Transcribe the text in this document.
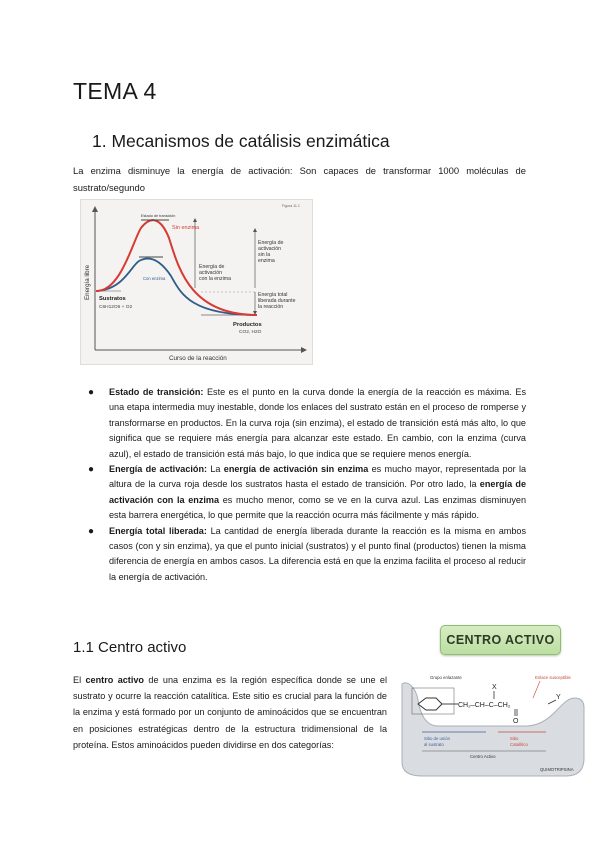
TEMA 4
1. Mecanismos de catálisis enzimática

La enzima disminuye la energía de activación: Son capaces de transformar 1000 moléculas de sustrato/segundo

Energía libre
Curso de la reacción
Figura 11.1
Estado de transición
Sin enzima
Con enzima
Energía de
activación
sin la
enzima
Energía de
activación
con la enzima
Energía total
liberada durante
la reacción
Sustratos
C6H12O6 + O2
Productos
CO2, H2O
● Estado de transición: Este es el punto en la curva donde la energía de la reacción es máxima. Es una etapa intermedia muy inestable, donde los enlaces del sustrato están en el proceso de romperse y transformarse en productos. En la curva roja (sin enzima), el estado de transición está más alto, lo que significa que se requiere más energía para alcanzar este estado. En cambio, con la enzima (curva azul), el estado de transición está más bajo, lo que indica que se requiere menos energía.
● Energía de activación: La energía de activación sin enzima es mucho mayor, representada por la altura de la curva roja desde los sustratos hasta el estado de transición. Por otro lado, la energía de activación con la enzima es mucho menor, como se ve en la curva azul. Las enzimas disminuyen esta barrera energética, lo que permite que la reacción ocurra más fácilmente y más rápido.
● Energía total liberada: La cantidad de energía liberada durante la reacción es la misma en ambos casos (con y sin enzima), ya que el punto inicial (sustratos) y el punto final (productos) tienen la misma diferencia de energía en ambos casos. La diferencia está en que la enzima facilita el proceso al reducir la energía de activación.
1.1 Centro activo

El centro activo de una enzima es la región específica donde se une el sustrato y ocurre la reacción catalítica. Este sitio es crucial para la función de la enzima y está formado por un conjunto de aminoácidos que se encuentran en posiciones estratégicas dentro de la estructura tridimensional de la proteína. Estos aminoácidos pueden dividirse en dos categorías:

CENTRO ACTIVO
CH₂–CH–C–CH₂
X
O
Y
Grupo enlazante	Enlace susceptible
Sitio de unión
al sustrato
Sitio
Catalítico
Centro Activo
QUIMOTRIPSINA
